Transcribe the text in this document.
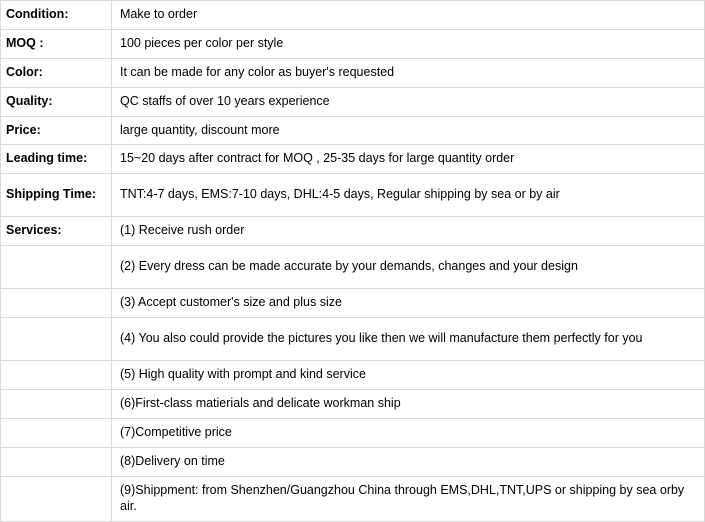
Condition:	Make to order
MOQ :	100 pieces per color per style
Color:	It can be made for any color as buyer's requested
Quality:	QC staffs of over 10 years experience
Price:	large quantity, discount more
Leading time:	15~20 days after contract for MOQ , 25-35 days for large quantity order
Shipping Time:	TNT:4-7 days, EMS:7-10 days, DHL:4-5 days, Regular shipping by sea or by air
Services:	(1) Receive rush order
	(2) Every dress can be made accurate by your demands, changes and your design
	(3) Accept customer's size and plus size
	(4) You also could provide the pictures you like then we will manufacture them perfectly for you
	(5) High quality with prompt and kind service
	(6)First-class matierials and delicate workman ship
	(7)Competitive price
	(8)Delivery on time
	(9)Shippment: from Shenzhen/Guangzhou China through EMS,DHL,TNT,UPS or shipping by sea orby air.
